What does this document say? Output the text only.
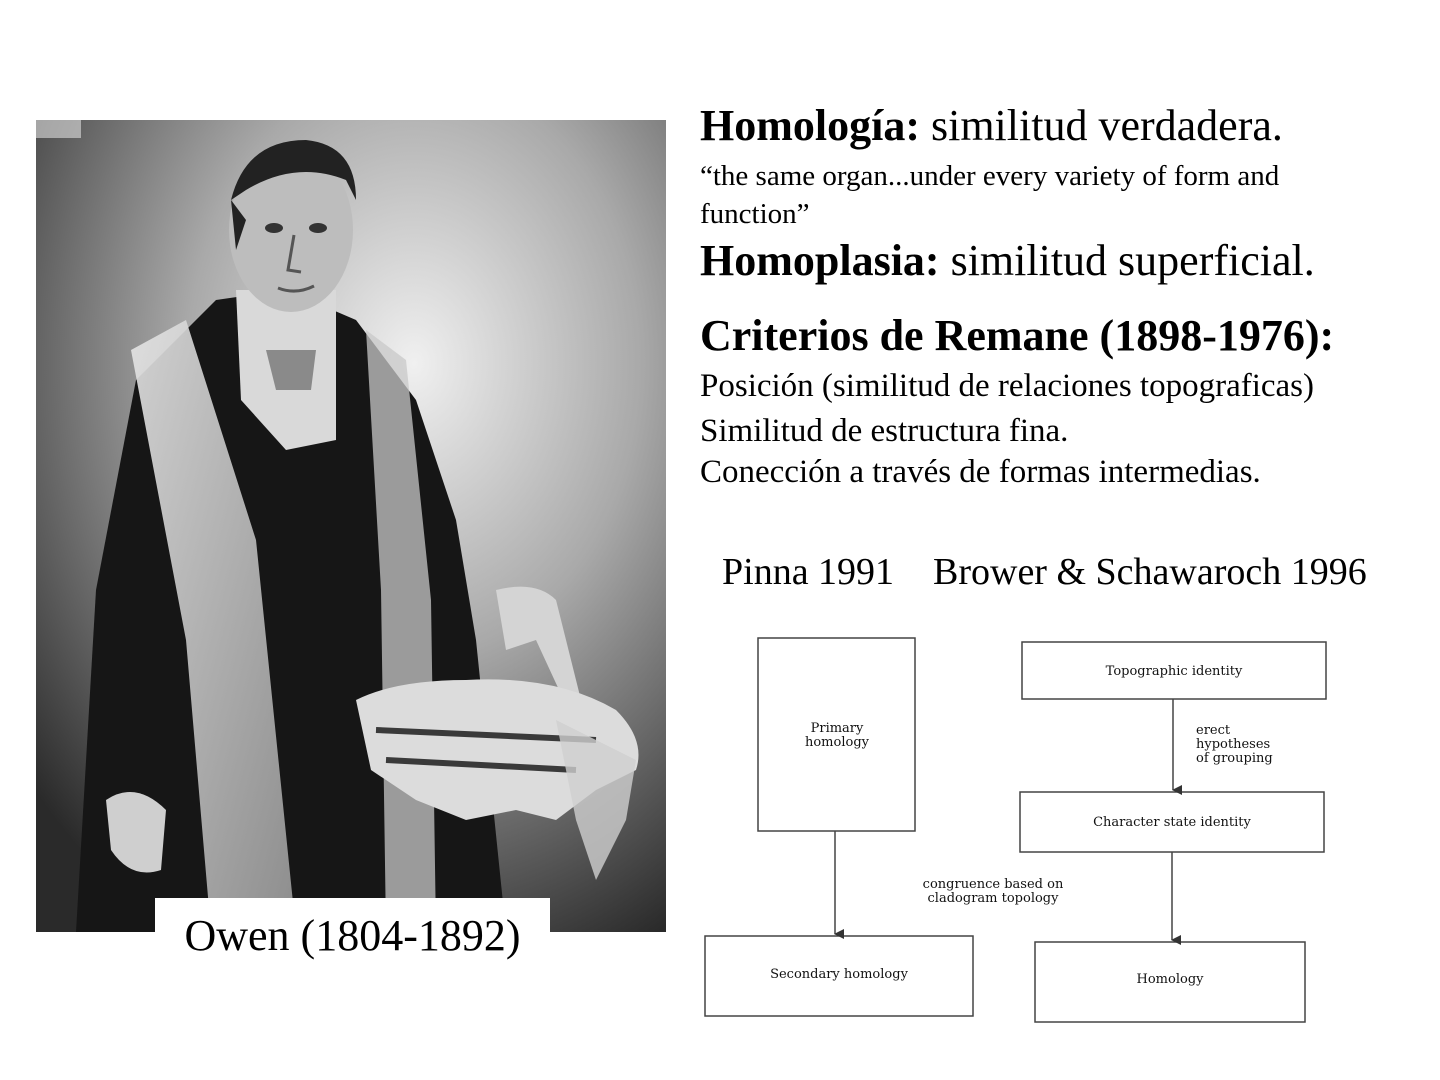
Owen (1804-1892)
Homología: similitud verdadera.
“the same organ...under every variety of form and
function”
Homoplasia: similitud superficial.
Criterios de Remane (1898-1976):
Posición (similitud de relaciones topograficas)
Similitud de estructura fina.
Conección a través de formas intermedias.
Pinna 1991 Brower & Schawaroch 1996
Primary
homology
Secondary homology
Topographic identity
erect
hypotheses
of grouping
Character state identity
congruence based on
cladogram topology
Homology
